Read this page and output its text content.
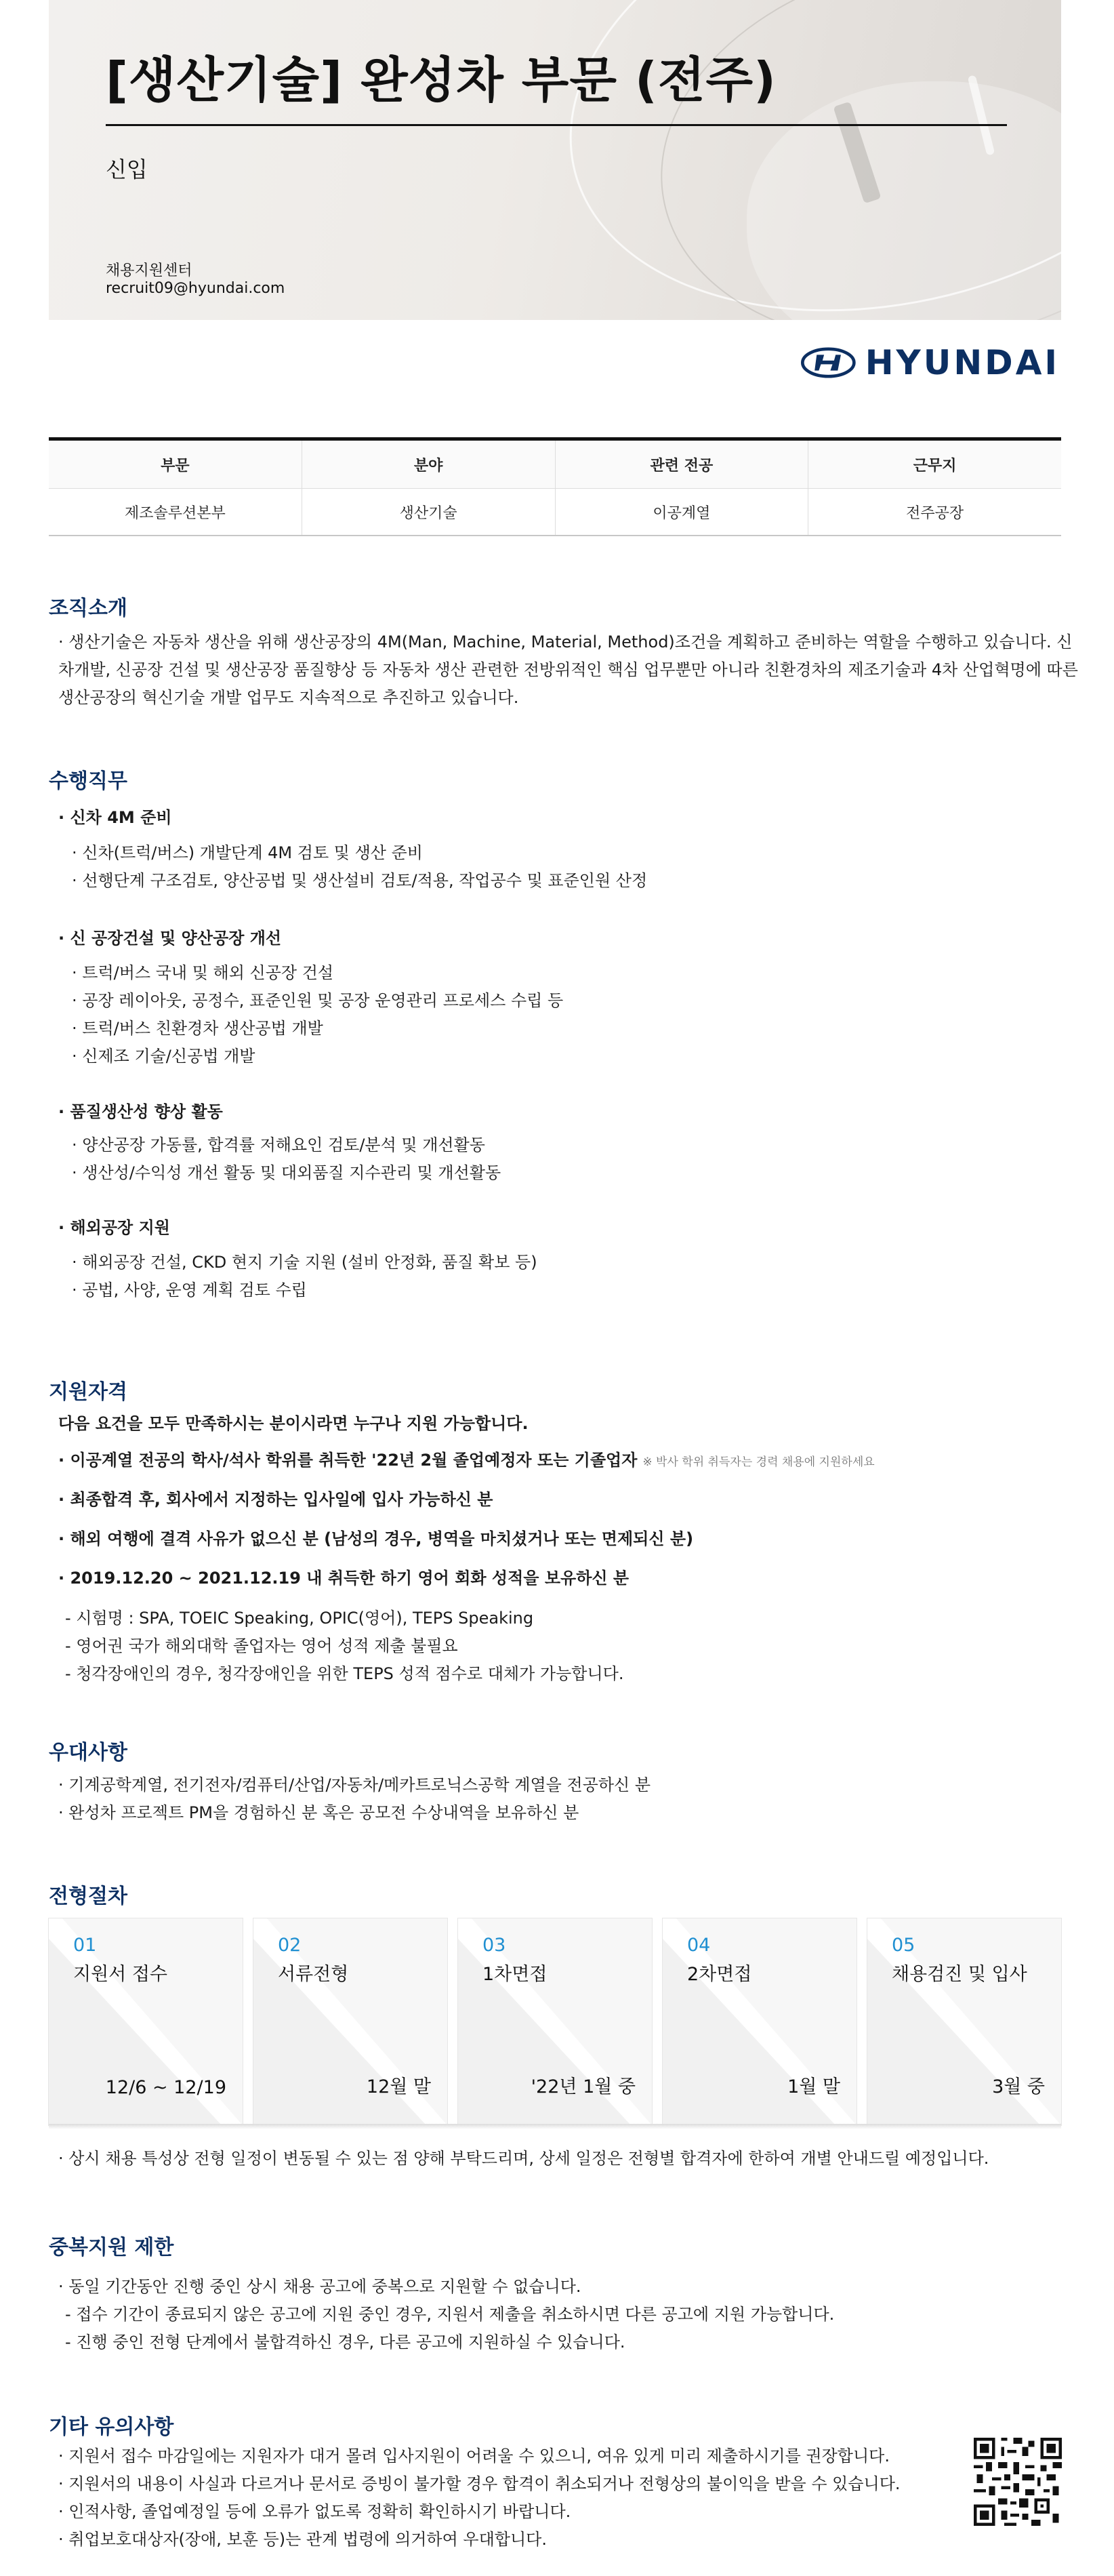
[생산기술] 완성차 부문 (전주)
신입
채용지원센터
recruit09@hyundai.com
HYUNDAI
부문	분야	관련 전공	근무지
제조솔루션본부	생산기술	이공계열	전주공장
조직소개
· 생산기술은 자동차 생산을 위해 생산공장의 4M(Man, Machine, Material, Method)조건을 계획하고 준비하는 역할을 수행하고 있습니다. 신
차개발, 신공장 건설 및 생산공장 품질향상 등 자동차 생산 관련한 전방위적인 핵심 업무뿐만 아니라 친환경차의 제조기술과 4차 산업혁명에 따른
생산공장의 혁신기술 개발 업무도 지속적으로 추진하고 있습니다.
수행직무
· 신차 4M 준비
· 신차(트럭/버스) 개발단계 4M 검토 및 생산 준비
· 선행단계 구조검토, 양산공법 및 생산설비 검토/적용, 작업공수 및 표준인원 산정
· 신 공장건설 및 양산공장 개선
· 트럭/버스 국내 및 해외 신공장 건설
· 공장 레이아웃, 공정수, 표준인원 및 공장 운영관리 프로세스 수립 등
· 트럭/버스 친환경차 생산공법 개발
· 신제조 기술/신공법 개발
· 품질생산성 향상 활동
· 양산공장 가동률, 합격률 저해요인 검토/분석 및 개선활동
· 생산성/수익성 개선 활동 및 대외품질 지수관리 및 개선활동
· 해외공장 지원
· 해외공장 건설, CKD 현지 기술 지원 (설비 안정화, 품질 확보 등)
· 공법, 사양, 운영 계획 검토 수립
지원자격
다음 요건을 모두 만족하시는 분이시라면 누구나 지원 가능합니다.
· 이공계열 전공의 학사/석사 학위를 취득한 '22년 2월 졸업예정자 또는 기졸업자 ※ 박사 학위 취득자는 경력 채용에 지원하세요
· 최종합격 후, 회사에서 지정하는 입사일에 입사 가능하신 분
· 해외 여행에 결격 사유가 없으신 분 (남성의 경우, 병역을 마치셨거나 또는 면제되신 분)
· 2019.12.20 ~ 2021.12.19 내 취득한 하기 영어 회화 성적을 보유하신 분
- 시험명 : SPA, TOEIC Speaking, OPIC(영어), TEPS Speaking
- 영어권 국가 해외대학 졸업자는 영어 성적 제출 불필요
- 청각장애인의 경우, 청각장애인을 위한 TEPS 성적 점수로 대체가 가능합니다.
우대사항
· 기계공학계열, 전기전자/컴퓨터/산업/자동차/메카트로닉스공학 계열을 전공하신 분
· 완성차 프로젝트 PM을 경험하신 분 혹은 공모전 수상내역을 보유하신 분
전형절차
01
지원서 접수
12/6 ~ 12/19
02
서류전형
12월 말
03
1차면접
'22년 1월 중
04
2차면접
1월 말
05
채용검진 및 입사
3월 중
· 상시 채용 특성상 전형 일정이 변동될 수 있는 점 양해 부탁드리며, 상세 일정은 전형별 합격자에 한하여 개별 안내드릴 예정입니다.
중복지원 제한
· 동일 기간동안 진행 중인 상시 채용 공고에 중복으로 지원할 수 없습니다.
- 접수 기간이 종료되지 않은 공고에 지원 중인 경우, 지원서 제출을 취소하시면 다른 공고에 지원 가능합니다.
- 진행 중인 전형 단계에서 불합격하신 경우, 다른 공고에 지원하실 수 있습니다.
기타 유의사항
· 지원서 접수 마감일에는 지원자가 대거 몰려 입사지원이 어려울 수 있으니, 여유 있게 미리 제출하시기를 권장합니다.
· 지원서의 내용이 사실과 다르거나 문서로 증빙이 불가할 경우 합격이 취소되거나 전형상의 불이익을 받을 수 있습니다.
· 인적사항, 졸업예정일 등에 오류가 없도록 정확히 확인하시기 바랍니다.
· 취업보호대상자(장애, 보훈 등)는 관계 법령에 의거하여 우대합니다.
